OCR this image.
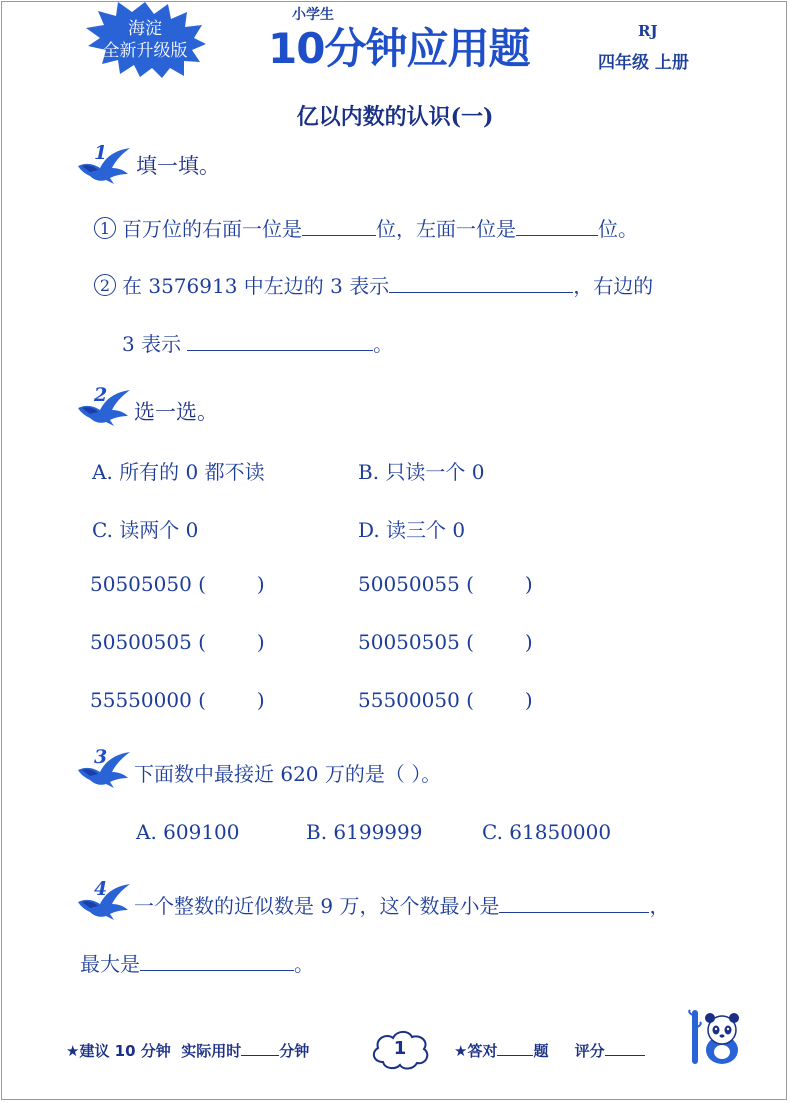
海淀
全新升级版
小学生
10分钟应用题	RJ
四年级 上册
亿以内数的认识(一)
1
填一填。
1 百万位的右面一位是	位，左面一位是	位。
2 在 3576913 中左边的 3 表示	，右边的
3 表示	。
2
选一选。
A. 所有的 0 都不读	B. 只读一个 0
C. 读两个 0	D. 读三个 0
50505050 (        )	50050055 (        )
50500505 (        )	50050505 (        )
55550000 (        )	55500050 (        )
3
下面数中最接近 620 万的是（ ）。
A. 609100	B. 6199999	C. 61850000
4
一个整数的近似数是 9 万，这个数最小是	，
最大是	。
★建议 10 分钟 实际用时	分钟	1	★答对 题 评分
